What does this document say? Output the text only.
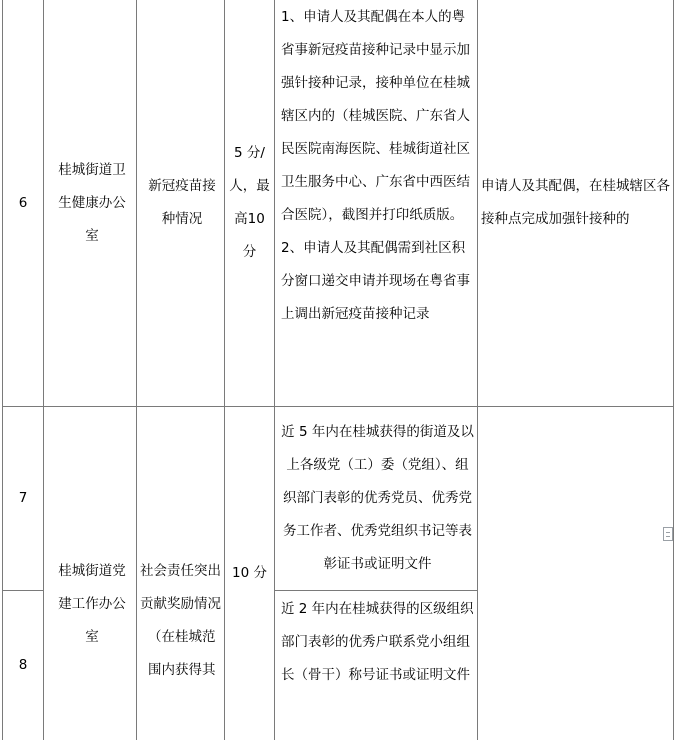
6
桂城街道卫生健康办公室
新冠疫苗接种情况
5 分/人，最高10 分
1、申请人及其配偶在本人的粤省事新冠疫苗接种记录中显示加强针接种记录，接种单位在桂城辖区内的（桂城医院、广东省人民医院南海医院、桂城街道社区卫生服务中心、广东省中西医结合医院），截图并打印纸质版。
2、申请人及其配偶需到社区积分窗口递交申请并现场在粤省事上调出新冠疫苗接种记录
申请人及其配偶，在桂城辖区各接种点完成加强针接种的
7
近 5 年内在桂城获得的街道及以上各级党（工）委（党组）、组织部门表彰的优秀党员、优秀党务工作者、优秀党组织书记等表彰证书或证明文件
8
近 2 年内在桂城获得的区级组织部门表彰的优秀户联系党小组组长（骨干）称号证书或证明文件
桂城街道党建工作办公室
社会责任突出贡献奖励情况
（在桂城范围内获得其
10 分
